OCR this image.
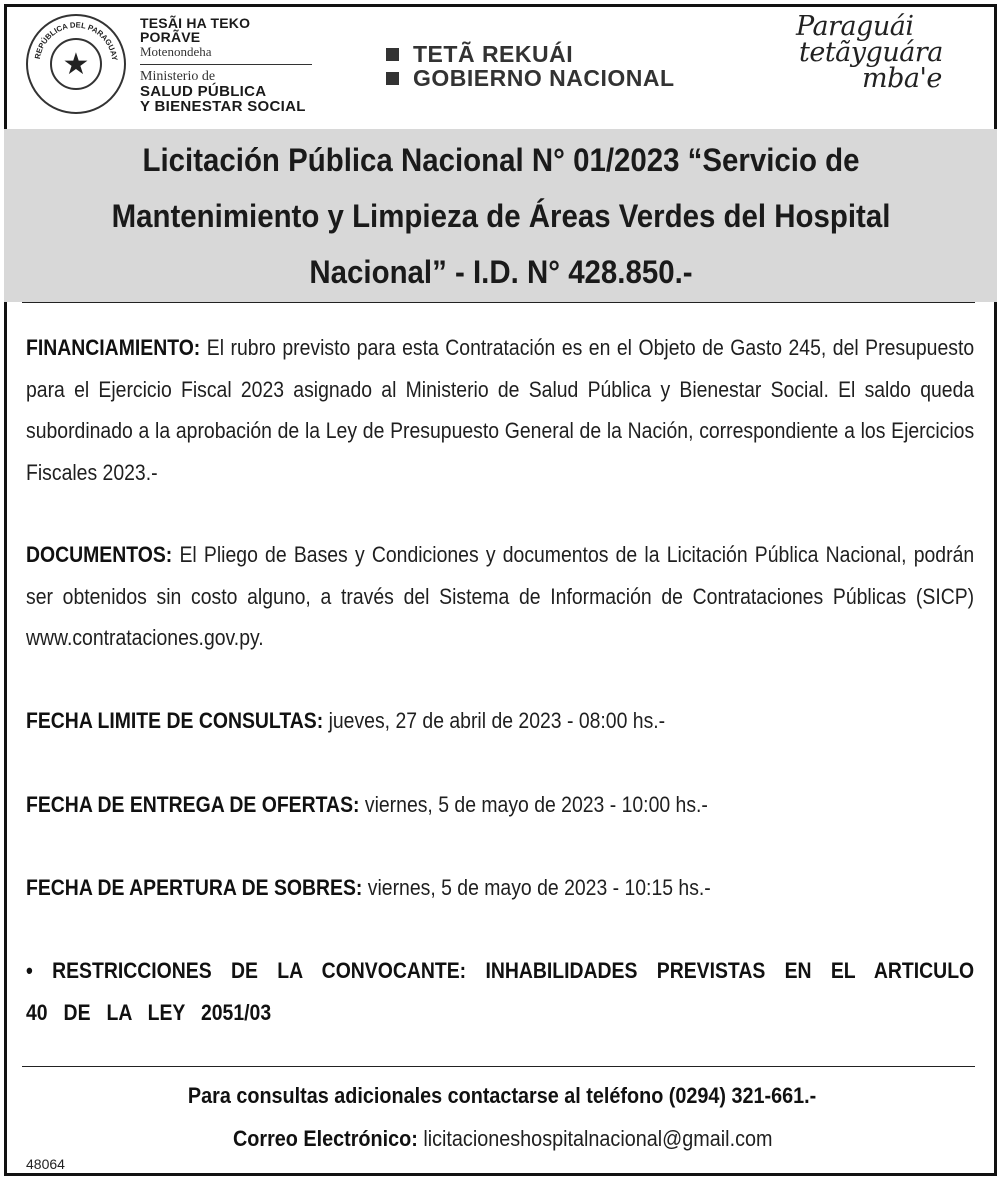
REPÚBLICA DEL PARAGUAY
★
TESÃI HA TEKO
PORÃVE
Motenondeha
Ministerio de
SALUD PÚBLICA
Y BIENESTAR SOCIAL
TETÃ REKUÁI
GOBIERNO NACIONAL
Paraguái
tetãyguára
mba'e
Licitación Pública Nacional N° 01/2023 “Servicio de Mantenimiento y Limpieza de Áreas Verdes del Hospital Nacional” - I.D. N° 428.850.-

FINANCIAMIENTO: El rubro previsto para esta Contratación es en el Objeto de Gasto 245, del Presupuesto para el Ejercicio Fiscal 2023 asignado al Ministerio de Salud Pública y Bienestar Social. El saldo queda subordinado a la aprobación de la Ley de Presupuesto General de la Nación, correspondiente a los Ejercicios Fiscales 2023.-

DOCUMENTOS: El Pliego de Bases y Condiciones y documentos de la Licitación Pública Nacional, podrán ser obtenidos sin costo alguno, a través del Sistema de Información de Contrataciones Públicas (SICP) www.contrataciones.gov.py.

FECHA LIMITE DE CONSULTAS: jueves, 27 de abril de 2023 - 08:00 hs.-
FECHA DE ENTREGA DE OFERTAS: viernes, 5 de mayo de 2023 - 10:00 hs.-
FECHA DE APERTURA DE SOBRES: viernes, 5 de mayo de 2023 - 10:15 hs.-

• RESTRICCIONES DE LA CONVOCANTE: INHABILIDADES PREVISTAS EN EL ARTICULO 40 DE LA LEY 2051/03

Para consultas adicionales contactarse al teléfono (0294) 321-661.-
Correo Electrónico: licitacioneshospitalnacional@gmail.com
48064
